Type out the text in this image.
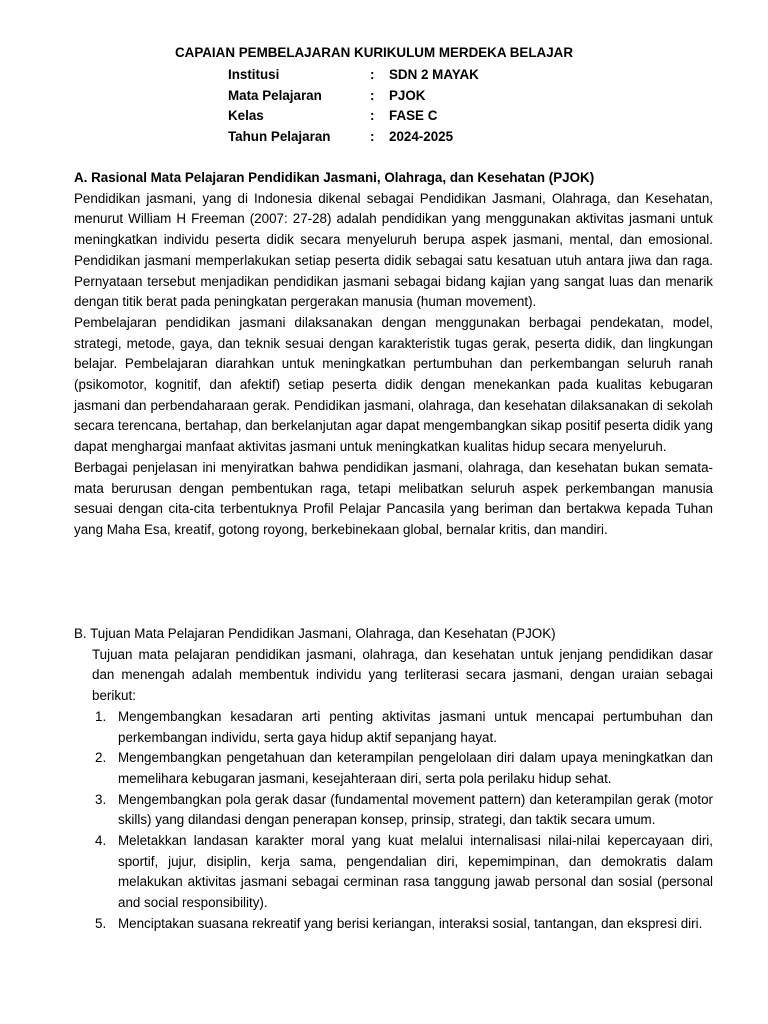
CAPAIAN PEMBELAJARAN KURIKULUM MERDEKA BELAJAR
Institusi	: SDN 2 MAYAK
Mata Pelajaran	: PJOK
Kelas	: FASE C
Tahun Pelajaran	: 2024-2025
A. Rasional Mata Pelajaran Pendidikan Jasmani, Olahraga, dan Kesehatan (PJOK)

Pendidikan jasmani, yang di Indonesia dikenal sebagai Pendidikan Jasmani, Olahraga, dan Kesehatan, menurut William H Freeman (2007: 27-28) adalah pendidikan yang menggunakan aktivitas jasmani untuk meningkatkan individu peserta didik secara menyeluruh berupa aspek jasmani, mental, dan emosional. Pendidikan jasmani memperlakukan setiap peserta didik sebagai satu kesatuan utuh antara jiwa dan raga. Pernyataan tersebut menjadikan pendidikan jasmani sebagai bidang kajian yang sangat luas dan menarik dengan titik berat pada peningkatan pergerakan manusia (human movement).

Pembelajaran pendidikan jasmani dilaksanakan dengan menggunakan berbagai pendekatan, model, strategi, metode, gaya, dan teknik sesuai dengan karakteristik tugas gerak, peserta didik, dan lingkungan belajar. Pembelajaran diarahkan untuk meningkatkan pertumbuhan dan perkembangan seluruh ranah (psikomotor, kognitif, dan afektif) setiap peserta didik dengan menekankan pada kualitas kebugaran jasmani dan perbendaharaan gerak. Pendidikan jasmani, olahraga, dan kesehatan dilaksanakan di sekolah secara terencana, bertahap, dan berkelanjutan agar dapat mengembangkan sikap positif peserta didik yang dapat menghargai manfaat aktivitas jasmani untuk meningkatkan kualitas hidup secara menyeluruh.

Berbagai penjelasan ini menyiratkan bahwa pendidikan jasmani, olahraga, dan kesehatan bukan semata-mata berurusan dengan pembentukan raga, tetapi melibatkan seluruh aspek perkembangan manusia sesuai dengan cita-cita terbentuknya Profil Pelajar Pancasila yang beriman dan bertakwa kepada Tuhan yang Maha Esa, kreatif, gotong royong, berkebinekaan global, bernalar kritis, dan mandiri.

B. Tujuan Mata Pelajaran Pendidikan Jasmani, Olahraga, dan Kesehatan (PJOK)

Tujuan mata pelajaran pendidikan jasmani, olahraga, dan kesehatan untuk jenjang pendidikan dasar dan menengah adalah membentuk individu yang terliterasi secara jasmani, dengan uraian sebagai berikut:

1. Mengembangkan kesadaran arti penting aktivitas jasmani untuk mencapai pertumbuhan dan perkembangan individu, serta gaya hidup aktif sepanjang hayat.
2. Mengembangkan pengetahuan dan keterampilan pengelolaan diri dalam upaya meningkatkan dan memelihara kebugaran jasmani, kesejahteraan diri, serta pola perilaku hidup sehat.
3. Mengembangkan pola gerak dasar (fundamental movement pattern) dan keterampilan gerak (motor skills) yang dilandasi dengan penerapan konsep, prinsip, strategi, dan taktik secara umum.
4. Meletakkan landasan karakter moral yang kuat melalui internalisasi nilai-nilai kepercayaan diri, sportif, jujur, disiplin, kerja sama, pengendalian diri, kepemimpinan, dan demokratis dalam melakukan aktivitas jasmani sebagai cerminan rasa tanggung jawab personal dan sosial (personal and social responsibility).
5. Menciptakan suasana rekreatif yang berisi keriangan, interaksi sosial, tantangan, dan ekspresi diri.
